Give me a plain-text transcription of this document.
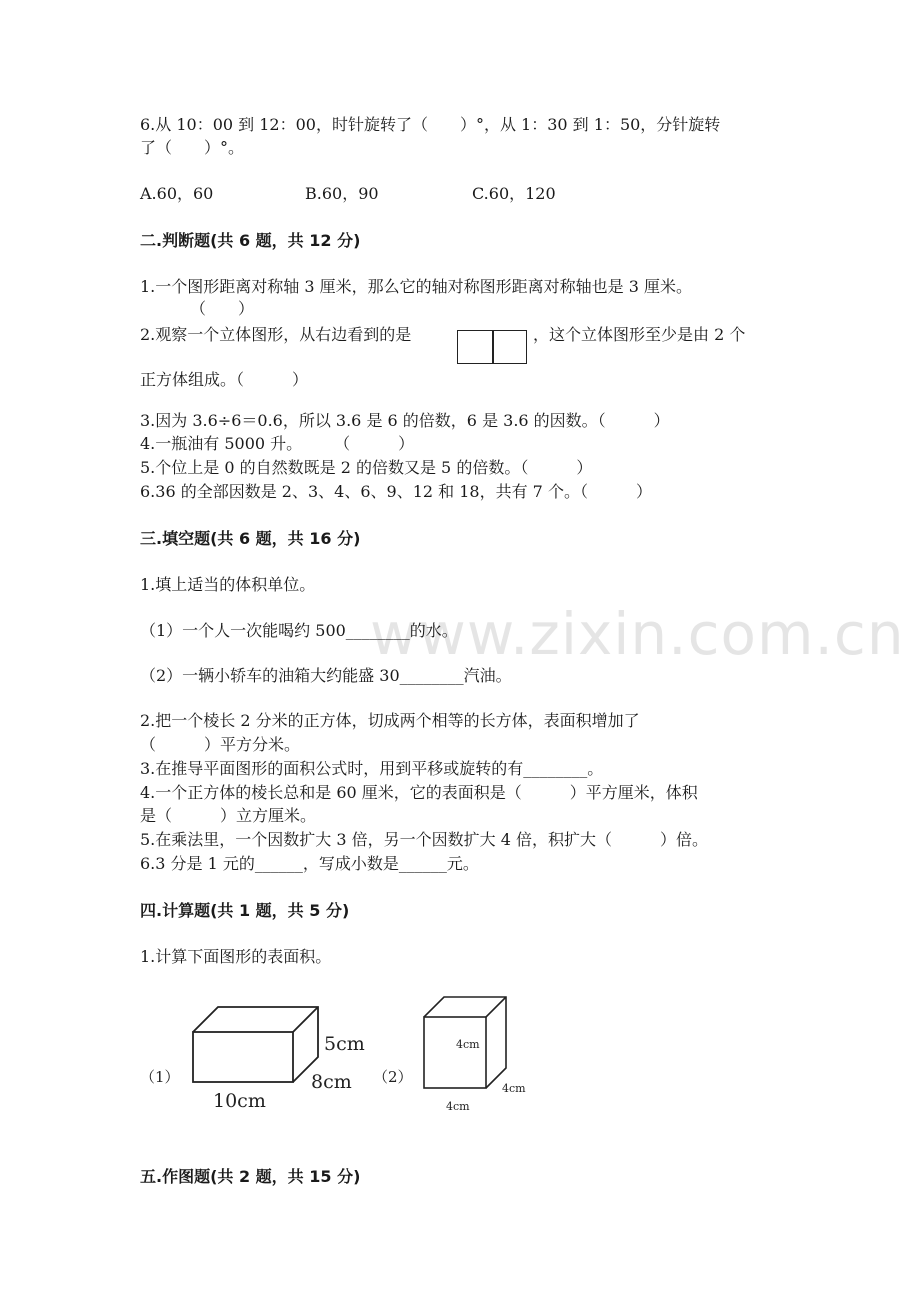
www.zixin.com.cn
6.从 10：00 到 12：00，时针旋转了（　　）°，从 1：30 到 1：50，分针旋转
了（　　）°。
A.60，60	B.60，90	C.60，120
二.判断题(共 6 题，共 12 分)
1.一个图形距离对称轴 3 厘米，那么它的轴对称图形距离对称轴也是 3 厘米。
（　　）
2.观察一个立体图形，从右边看到的是	，这个立体图形至少是由 2 个
正方体组成。（　　　）
3.因为 3.6÷6＝0.6，所以 3.6 是 6 的倍数，6 是 3.6 的因数。（　　　）
4.一瓶油有 5000 升。　　　（　　　）
5.个位上是 0 的自然数既是 2 的倍数又是 5 的倍数。（　　　）
6.36 的全部因数是 2、3、4、6、9、12 和 18，共有 7 个。（　　　）
三.填空题(共 6 题，共 16 分)
1.填上适当的体积单位。
（1）一个人一次能喝约 500________的水。
（2）一辆小轿车的油箱大约能盛 30________汽油。
2.把一个棱长 2 分米的正方体，切成两个相等的长方体，表面积增加了
（　　　）平方分米。
3.在推导平面图形的面积公式时，用到平移或旋转的有________。
4.一个正方体的棱长总和是 60 厘米，它的表面积是（　　　）平方厘米，体积
是（　　　）立方厘米。
5.在乘法里，一个因数扩大 3 倍，另一个因数扩大 4 倍，积扩大（　　　）倍。
6.3 分是 1 元的______，写成小数是______元。
四.计算题(共 1 题，共 5 分)
1.计算下面图形的表面积。
（1）
5cm
8cm
10cm
（2）
4cm
4cm
4cm
五.作图题(共 2 题，共 15 分)
